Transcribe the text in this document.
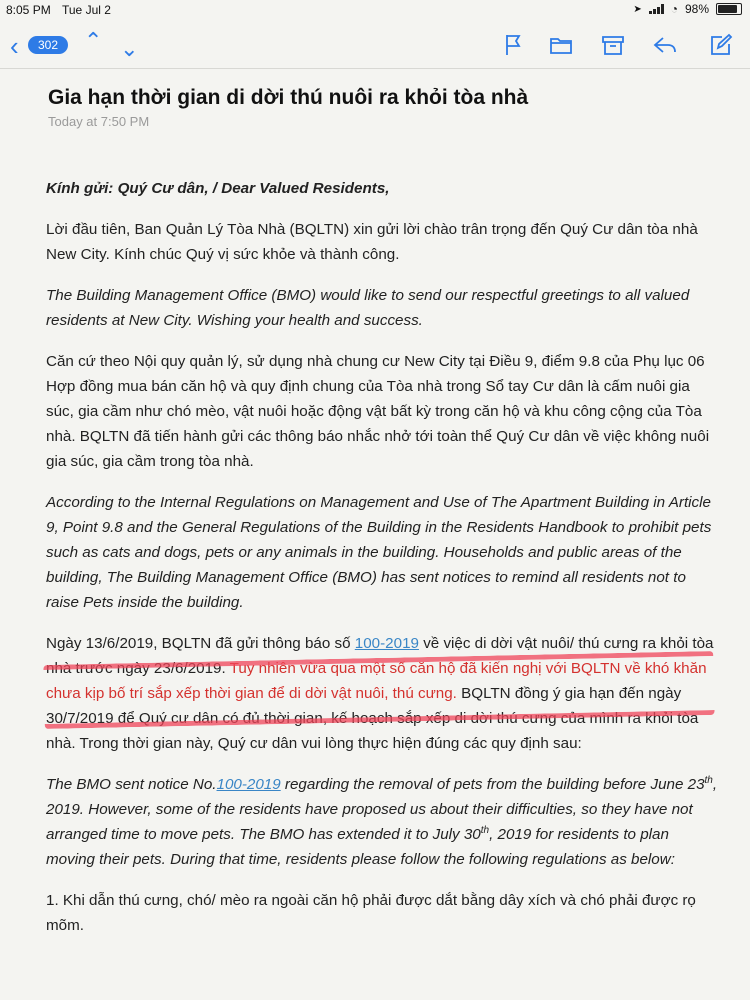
8:05 PM Tue Jul 2	➤ ◔ 98%
‹	302	⌃ ⌃
Gia hạn thời gian di dời thú nuôi ra khỏi tòa nhà
Today at 7:50 PM

Kính gửi: Quý Cư dân, / Dear Valued Residents,

Lời đầu tiên, Ban Quản Lý Tòa Nhà (BQLTN) xin gửi lời chào trân trọng đến Quý Cư dân tòa nhà New City. Kính chúc Quý vị sức khỏe và thành công.

The Building Management Office (BMO) would like to send our respectful greetings to all valued residents at New City. Wishing your health and success.

Căn cứ theo Nội quy quản lý, sử dụng nhà chung cư New City tại Điều 9, điểm 9.8 của Phụ lục 06 Hợp đồng mua bán căn hộ và quy định chung của Tòa nhà trong Sổ tay Cư dân là cấm nuôi gia súc, gia cầm như chó mèo, vật nuôi hoặc động vật bất kỳ trong căn hộ và khu công cộng của Tòa nhà. BQLTN đã tiến hành gửi các thông báo nhắc nhở tới toàn thể Quý Cư dân về việc không nuôi gia súc, gia cầm trong tòa nhà.

According to the Internal Regulations on Management and Use of The Apartment Building in Article 9, Point 9.8 and the General Regulations of the Building in the Residents Handbook to prohibit pets such as cats and dogs, pets or any animals in the building. Households and public areas of the building, The Building Management Office (BMO) has sent notices to remind all residents not to raise Pets inside the building.

Ngày 13/6/2019, BQLTN đã gửi thông báo số 100-2019 về việc di dời vật nuôi/ thú cưng ra khỏi tòa nhà trước ngày 23/6/2019. Tuy nhiên vừa qua một số căn hộ đã kiến nghị với BQLTN về khó khăn chưa kịp bố trí sắp xếp thời gian để di dời vật nuôi, thú cưng. BQLTN đồng ý gia hạn đến ngày 30/7/2019 để Quý cư dân có đủ thời gian, kế hoạch sắp xếp di dời thú cưng của mình ra khỏi tòa nhà. Trong thời gian này, Quý cư dân vui lòng thực hiện đúng các quy định sau:

The BMO sent notice No.100-2019 regarding the removal of pets from the building before June 23th, 2019. However, some of the residents have proposed us about their difficulties, so they have not arranged time to move pets. The BMO has extended it to July 30th, 2019 for residents to plan moving their pets. During that time, residents please follow the following regulations as below:

1. Khi dẫn thú cưng, chó/ mèo ra ngoài căn hộ phải được dắt bằng dây xích và chó phải được rọ mõm.
